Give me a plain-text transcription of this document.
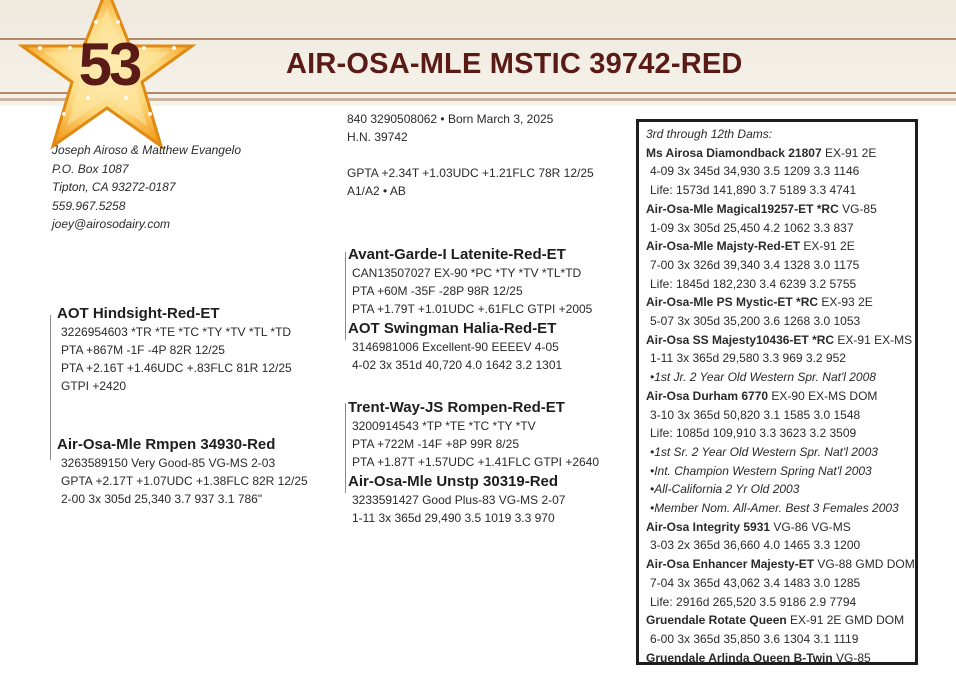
53	AIR-OSA-MLE MSTIC 39742-RED
Joseph Airoso & Matthew Evangelo
P.O. Box 1087
Tipton, CA 93272-0187
559.967.5258
joey@airosodairy.com
840 3290508062 • Born March 3, 2025
H.N. 39742
GPTA +2.34T +1.03UDC +1.21FLC 78R 12/25
A1/A2 • AB
AOT Hindsight-Red-ET
3226954603 *TR *TE *TC *TY *TV *TL *TD
PTA +867M -1F -4P 82R 12/25
PTA +2.16T +1.46UDC +.83FLC 81R 12/25
GTPI +2420
Air-Osa-Mle Rmpen 34930-Red
3263589150 Very Good-85 VG-MS 2-03
GPTA +2.17T +1.07UDC +1.38FLC 82R 12/25
2-00 3x 305d 25,340 3.7 937 3.1 786"
Avant-Garde-I Latenite-Red-ET
CAN13507027 EX-90 *PC *TY *TV *TL*TD
PTA +60M -35F -28P 98R 12/25
PTA +1.79T +1.01UDC +.61FLC GTPI +2005
AOT Swingman Halia-Red-ET
3146981006 Excellent-90 EEEEV 4-05
4-02 3x 351d 40,720 4.0 1642 3.2 1301
Trent-Way-JS Rompen-Red-ET
3200914543 *TP *TE *TC *TY *TV
PTA +722M -14F +8P 99R 8/25
PTA +1.87T +1.57UDC +1.41FLC GTPI +2640
Air-Osa-Mle Unstp 30319-Red
3233591427 Good Plus-83 VG-MS 2-07
1-11 3x 365d 29,490 3.5 1019 3.3 970
3rd through 12th Dams:
Ms Airosa Diamondback 21807 EX-91 2E
4-09 3x 345d 34,930 3.5 1209 3.3 1146
Life: 1573d 141,890 3.7 5189 3.3 4741
Air-Osa-Mle Magical19257-ET *RC VG-85
1-09 3x 305d 25,450 4.2 1062 3.3 837
Air-Osa-Mle Majsty-Red-ET EX-91 2E
7-00 3x 326d 39,340 3.4 1328 3.0 1175
Life: 1845d 182,230 3.4 6239 3.2 5755
Air-Osa-Mle PS Mystic-ET *RC EX-93 2E
5-07 3x 305d 35,200 3.6 1268 3.0 1053
Air-Osa SS Majesty10436-ET *RC EX-91 EX-MS
1-11 3x 365d 29,580 3.3 969 3.2 952
•1st Jr. 2 Year Old Western Spr. Nat'l 2008
Air-Osa Durham 6770 EX-90 EX-MS DOM
3-10 3x 365d 50,820 3.1 1585 3.0 1548
Life: 1085d 109,910 3.3 3623 3.2 3509
•1st Sr. 2 Year Old Western Spr. Nat'l 2003
•Int. Champion Western Spring Nat'l 2003
•All-California 2 Yr Old 2003
•Member Nom. All-Amer. Best 3 Females 2003
Air-Osa Integrity 5931 VG-86 VG-MS
3-03 2x 365d 36,660 4.0 1465 3.3 1200
Air-Osa Enhancer Majesty-ET VG-88 GMD DOM
7-04 3x 365d 43,062 3.4 1483 3.0 1285
Life: 2916d 265,520 3.5 9186 2.9 7794
Gruendale Rotate Queen EX-91 2E GMD DOM
6-00 3x 365d 35,850 3.6 1304 3.1 1119
Gruendale Arlinda Queen B-Twin VG-85
